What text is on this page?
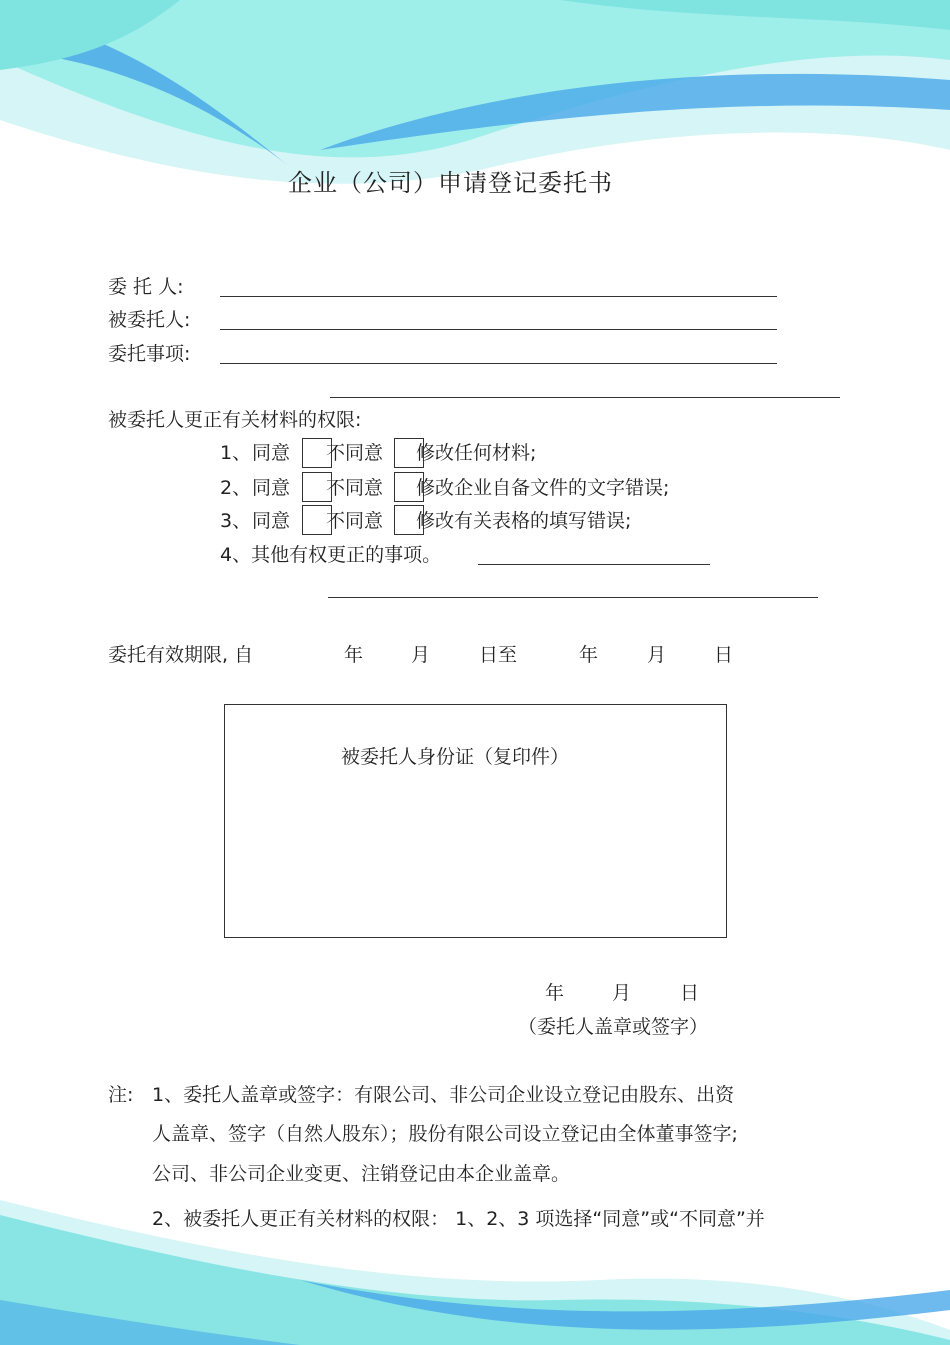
企业（公司）申请登记委托书
委 托 人:
被委托人:
委托事项:
被委托人更正有关材料的权限:
1、 同意 不同意 修改任何材料;
2、 同意 不同意 修改企业自备文件的文字错误;
3、 同意 不同意 修改有关表格的填写错误;
4、其他有权更正的事项。
委托有效期限, 自	年	月	日至	年	月	日
被委托人身份证（复印件）
年	月	日
（委托人盖章或签字）
注: 1、委托人盖章或签字：有限公司、非公司企业设立登记由股东、出资
人盖章、签字（自然人股东）；股份有限公司设立登记由全体董事签字;
公司、非公司企业变更、注销登记由本企业盖章。
2、被委托人更正有关材料的权限： 1、2、3 项选择“同意”或“不同意”并
